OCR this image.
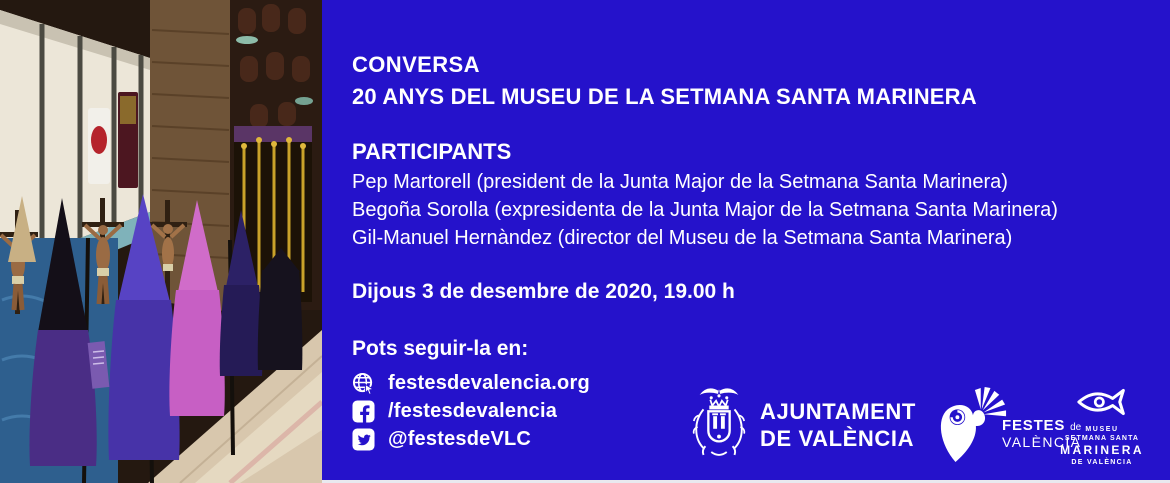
CONVERSA
20 ANYS DEL MUSEU DE LA SETMANA SANTA MARINERA
PARTICIPANTS
Pep Martorell (president de la Junta Major de la Setmana Santa Marinera)
Begoña Sorolla (expresidenta de la Junta Major de la Setmana Santa Marinera)
Gil-Manuel Hernàndez (director del Museu de la Setmana Santa Marinera)
Dijous 3 de desembre de 2020, 19.00 h
Pots seguir-la en:
festesdevalencia.org
/festesdevalencia
@festesdeVLC
AJUNTAMENT
DE VALÈNCIA	FESTES de
VALÈNCIA
MUSEU
SETMANA SANTA
MARINERA
DE VALÈNCIA
